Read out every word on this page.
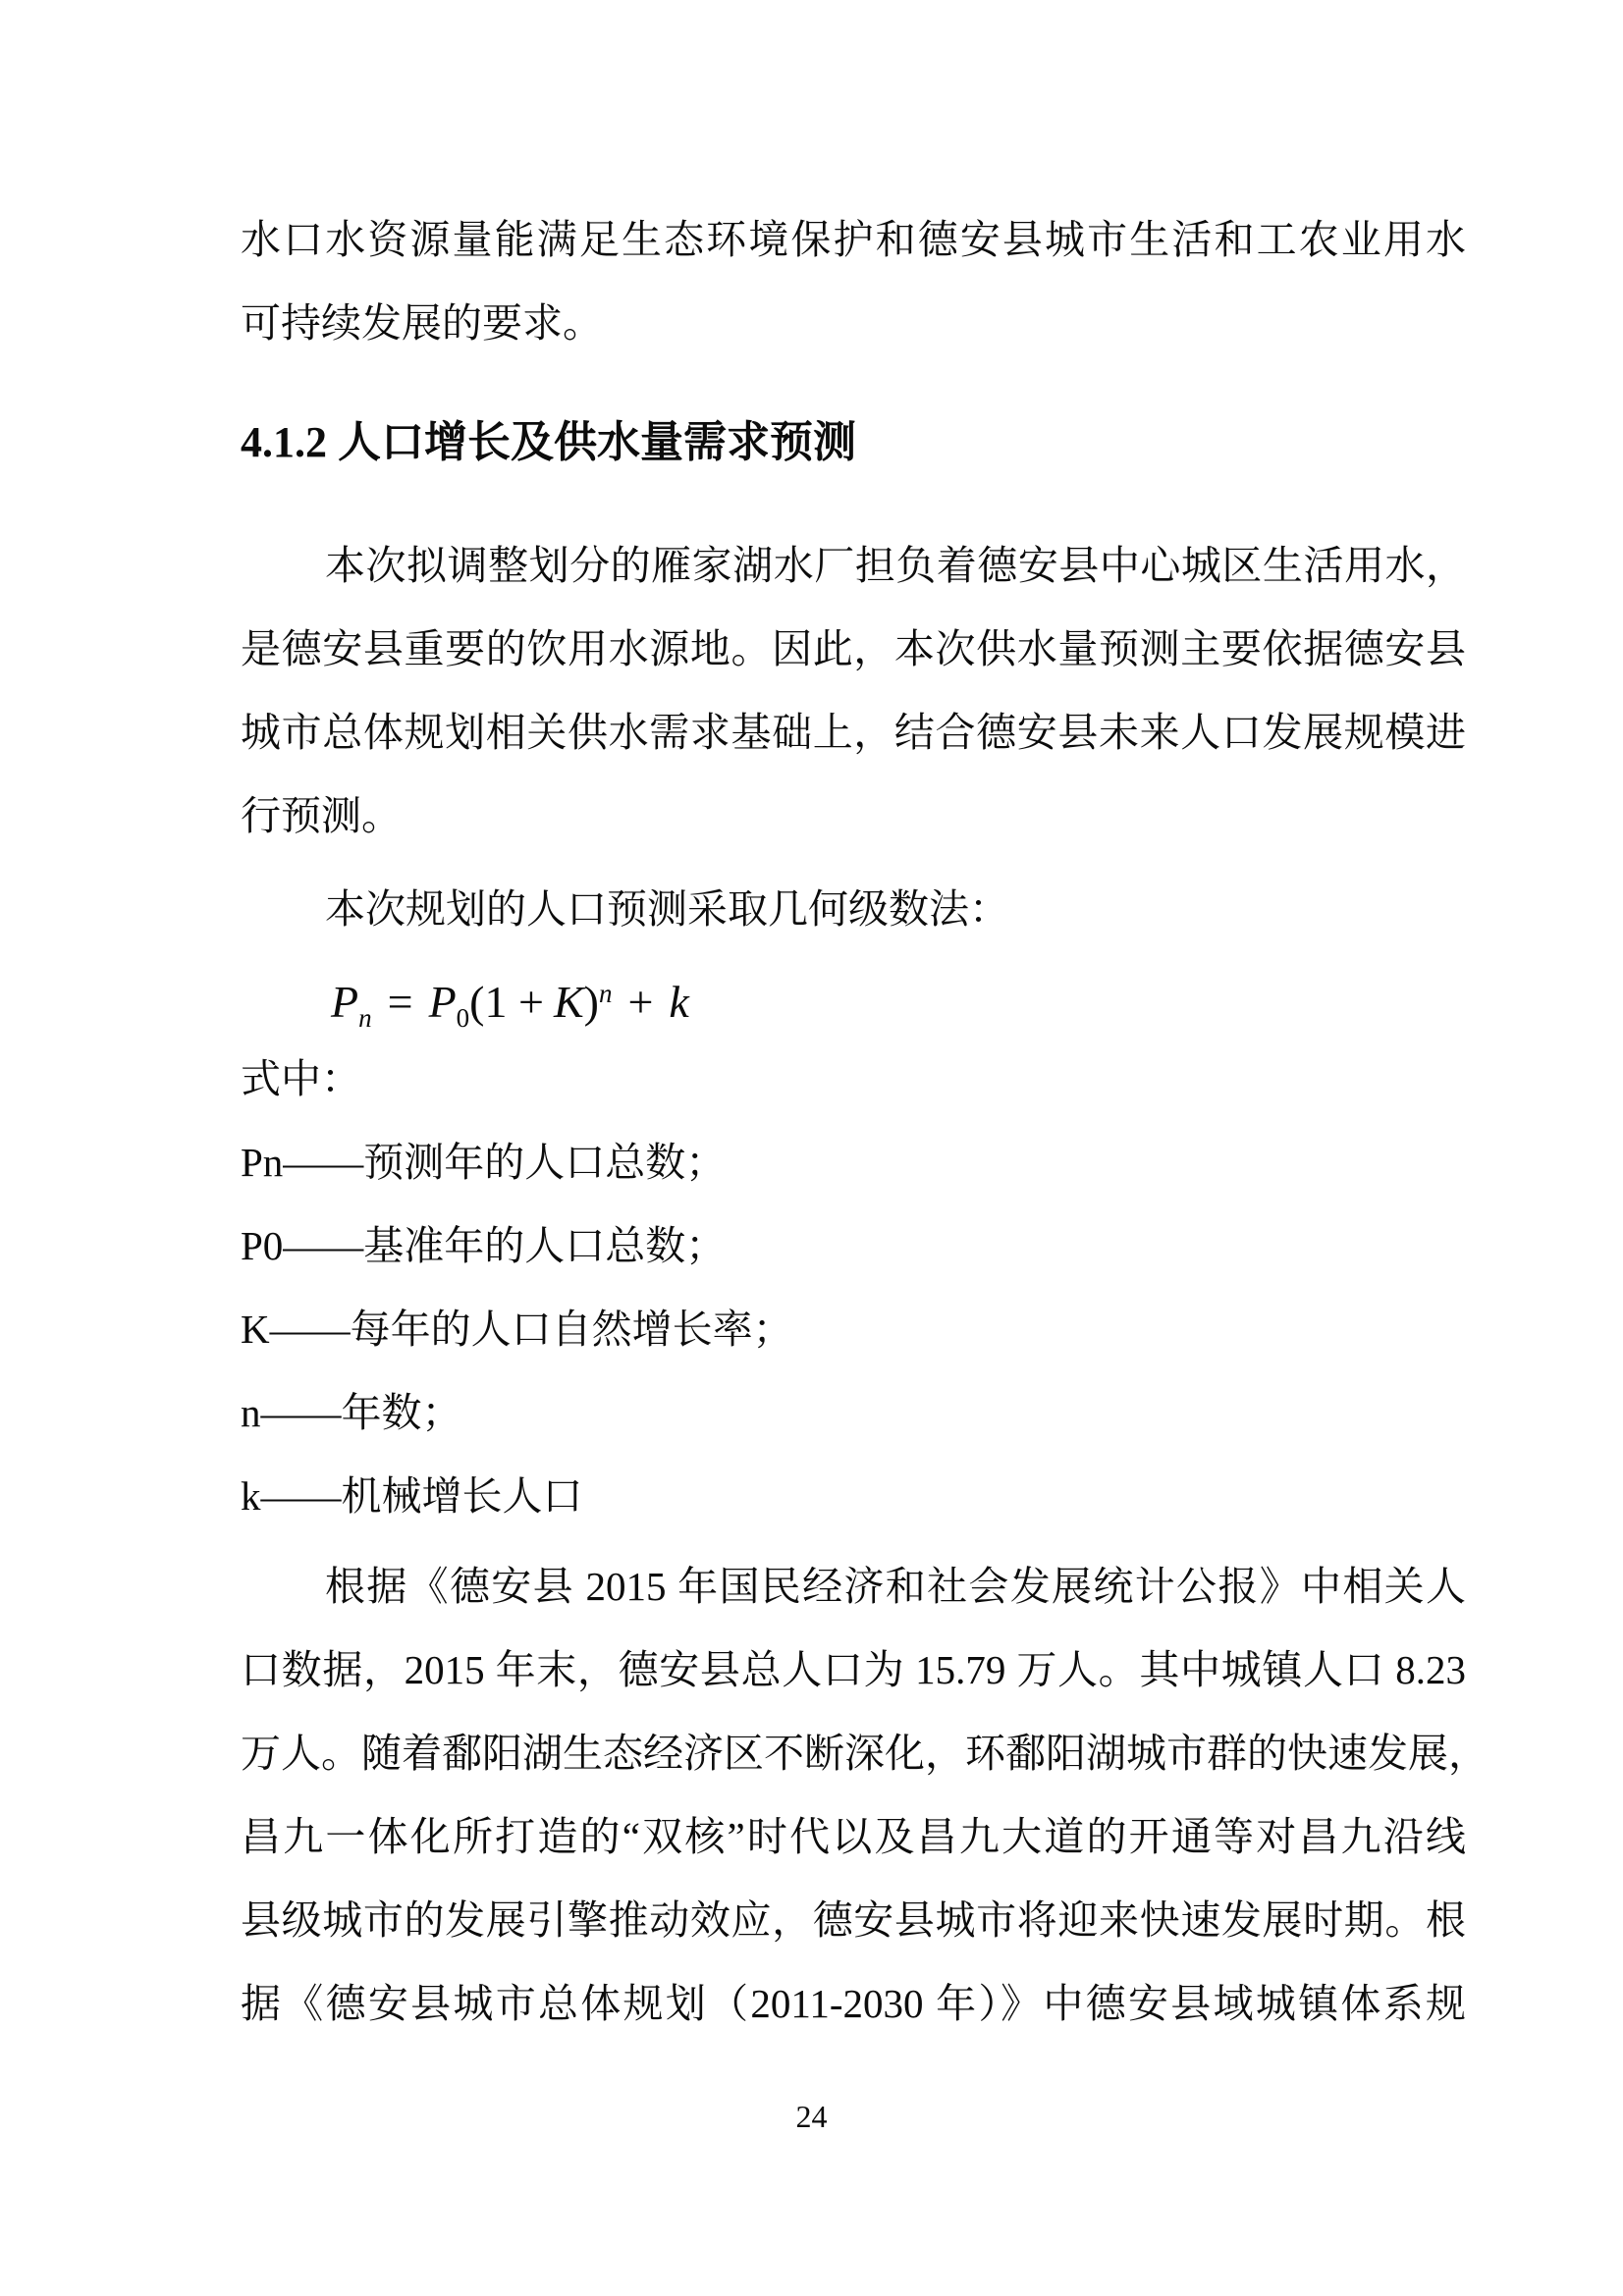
水口水资源量能满足生态环境保护和德安县城市生活和工农业用水

可持续发展的要求。

4.1.2 人口增长及供水量需求预测

本次拟调整划分的雁家湖水厂担负着德安县中心城区生活用水，

是德安县重要的饮用水源地。因此，本次供水量预测主要依据德安县

城市总体规划相关供水需求基础上，结合德安县未来人口发展规模进

行预测。

本次规划的人口预测采取几何级数法：

$P_n = P_0(1 + K)^n + k$

式中：

Pn——预测年的人口总数；

P0——基准年的人口总数；

K——每年的人口自然增长率；

n——年数；

k——机械增长人口

根据《德安县 2015 年国民经济和社会发展统计公报》中相关人

口数据，2015 年末，德安县总人口为 15.79 万人。其中城镇人口 8.23

万人。随着鄱阳湖生态经济区不断深化，环鄱阳湖城市群的快速发展，

昌九一体化所打造的“双核”时代以及昌九大道的开通等对昌九沿线

县级城市的发展引擎推动效应，德安县城市将迎来快速发展时期。根

据《德安县城市总体规划（2011-2030 年）》中德安县域城镇体系规

24
